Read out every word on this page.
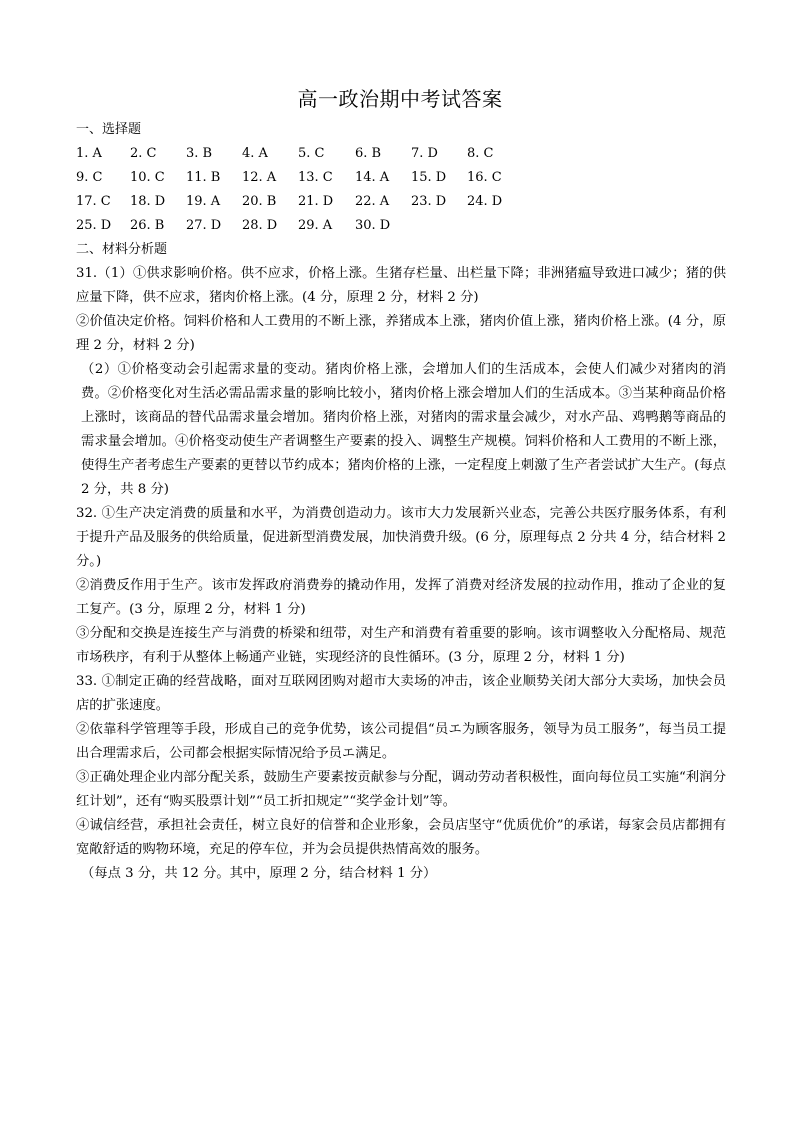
高一政治期中考试答案
一、选择题
1. A 2. C 3. B 4. A 5. C 6. B 7. D 8. C
9. C 10. C 11. B 12. A 13. C 14. A 15. D 16. C
17. C 18. D 19. A 20. B 21. D 22. A 23. D 24. D
25. D 26. B 27. D 28. D 29. A 30. D
二、材料分析题

31.（1）①供求影响价格。供不应求，价格上涨。生猪存栏量、出栏量下降；非洲猪瘟导致进口减少；猪的供应量下降，供不应求，猪肉价格上涨。(4 分，原理 2 分，材料 2 分)

②价值决定价格。饲料价格和人工费用的不断上涨，养猪成本上涨，猪肉价值上涨，猪肉价格上涨。(4 分，原理 2 分，材料 2 分)

（2）①价格变动会引起需求量的变动。猪肉价格上涨，会增加人们的生活成本，会使人们减少对猪肉的消费。②价格变化对生活必需品需求量的影响比较小，猪肉价格上涨会增加人们的生活成本。③当某种商品价格上涨时，该商品的替代品需求量会增加。猪肉价格上涨，对猪肉的需求量会减少，对水产品、鸡鸭鹅等商品的需求量会增加。④价格变动使生产者调整生产要素的投入、调整生产规模。饲料价格和人工费用的不断上涨，使得生产者考虑生产要素的更替以节约成本；猪肉价格的上涨，一定程度上刺激了生产者尝试扩大生产。(每点 2 分，共 8 分)

32. ①生产决定消费的质量和水平，为消费创造动力。该市大力发展新兴业态，完善公共医疗服务体系，有利于提升产品及服务的供给质量，促进新型消费发展，加快消费升级。(6 分，原理每点 2 分共 4 分，结合材料 2 分。)

②消费反作用于生产。该市发挥政府消费券的撬动作用，发挥了消费对经济发展的拉动作用，推动了企业的复工复产。(3 分，原理 2 分，材料 1 分)

③分配和交换是连接生产与消费的桥梁和纽带，对生产和消费有着重要的影响。该市调整收入分配格局、规范市场秩序，有利于从整体上畅通产业链，实现经济的良性循环。(3 分，原理 2 分，材料 1 分)

33. ①制定正确的经营战略，面对互联网团购对超市大卖场的冲击，该企业顺势关闭大部分大卖场，加快会员店的扩张速度。

②依靠科学管理等手段，形成自己的竞争优势，该公司提倡“员エ为顾客服务，领导为员工服务”，每当员工提出合理需求后，公司都会根据实际情况给予员エ满足。

③正确处理企业内部分配关系，鼓励生产要素按贡献参与分配，调动劳动者积极性，面向每位员工实施“利润分红计划”，还有“购买股票计划”“员工折扣规定”“奖学金计划”等。

④诚信经营，承担社会责任，树立良好的信誉和企业形象，会员店坚守“优质优价”的承诺，每家会员店都拥有宽敞舒适的购物环境，充足的停车位，并为会员提供热情高效的服务。

（每点 3 分，共 12 分。其中，原理 2 分，结合材料 1 分）
